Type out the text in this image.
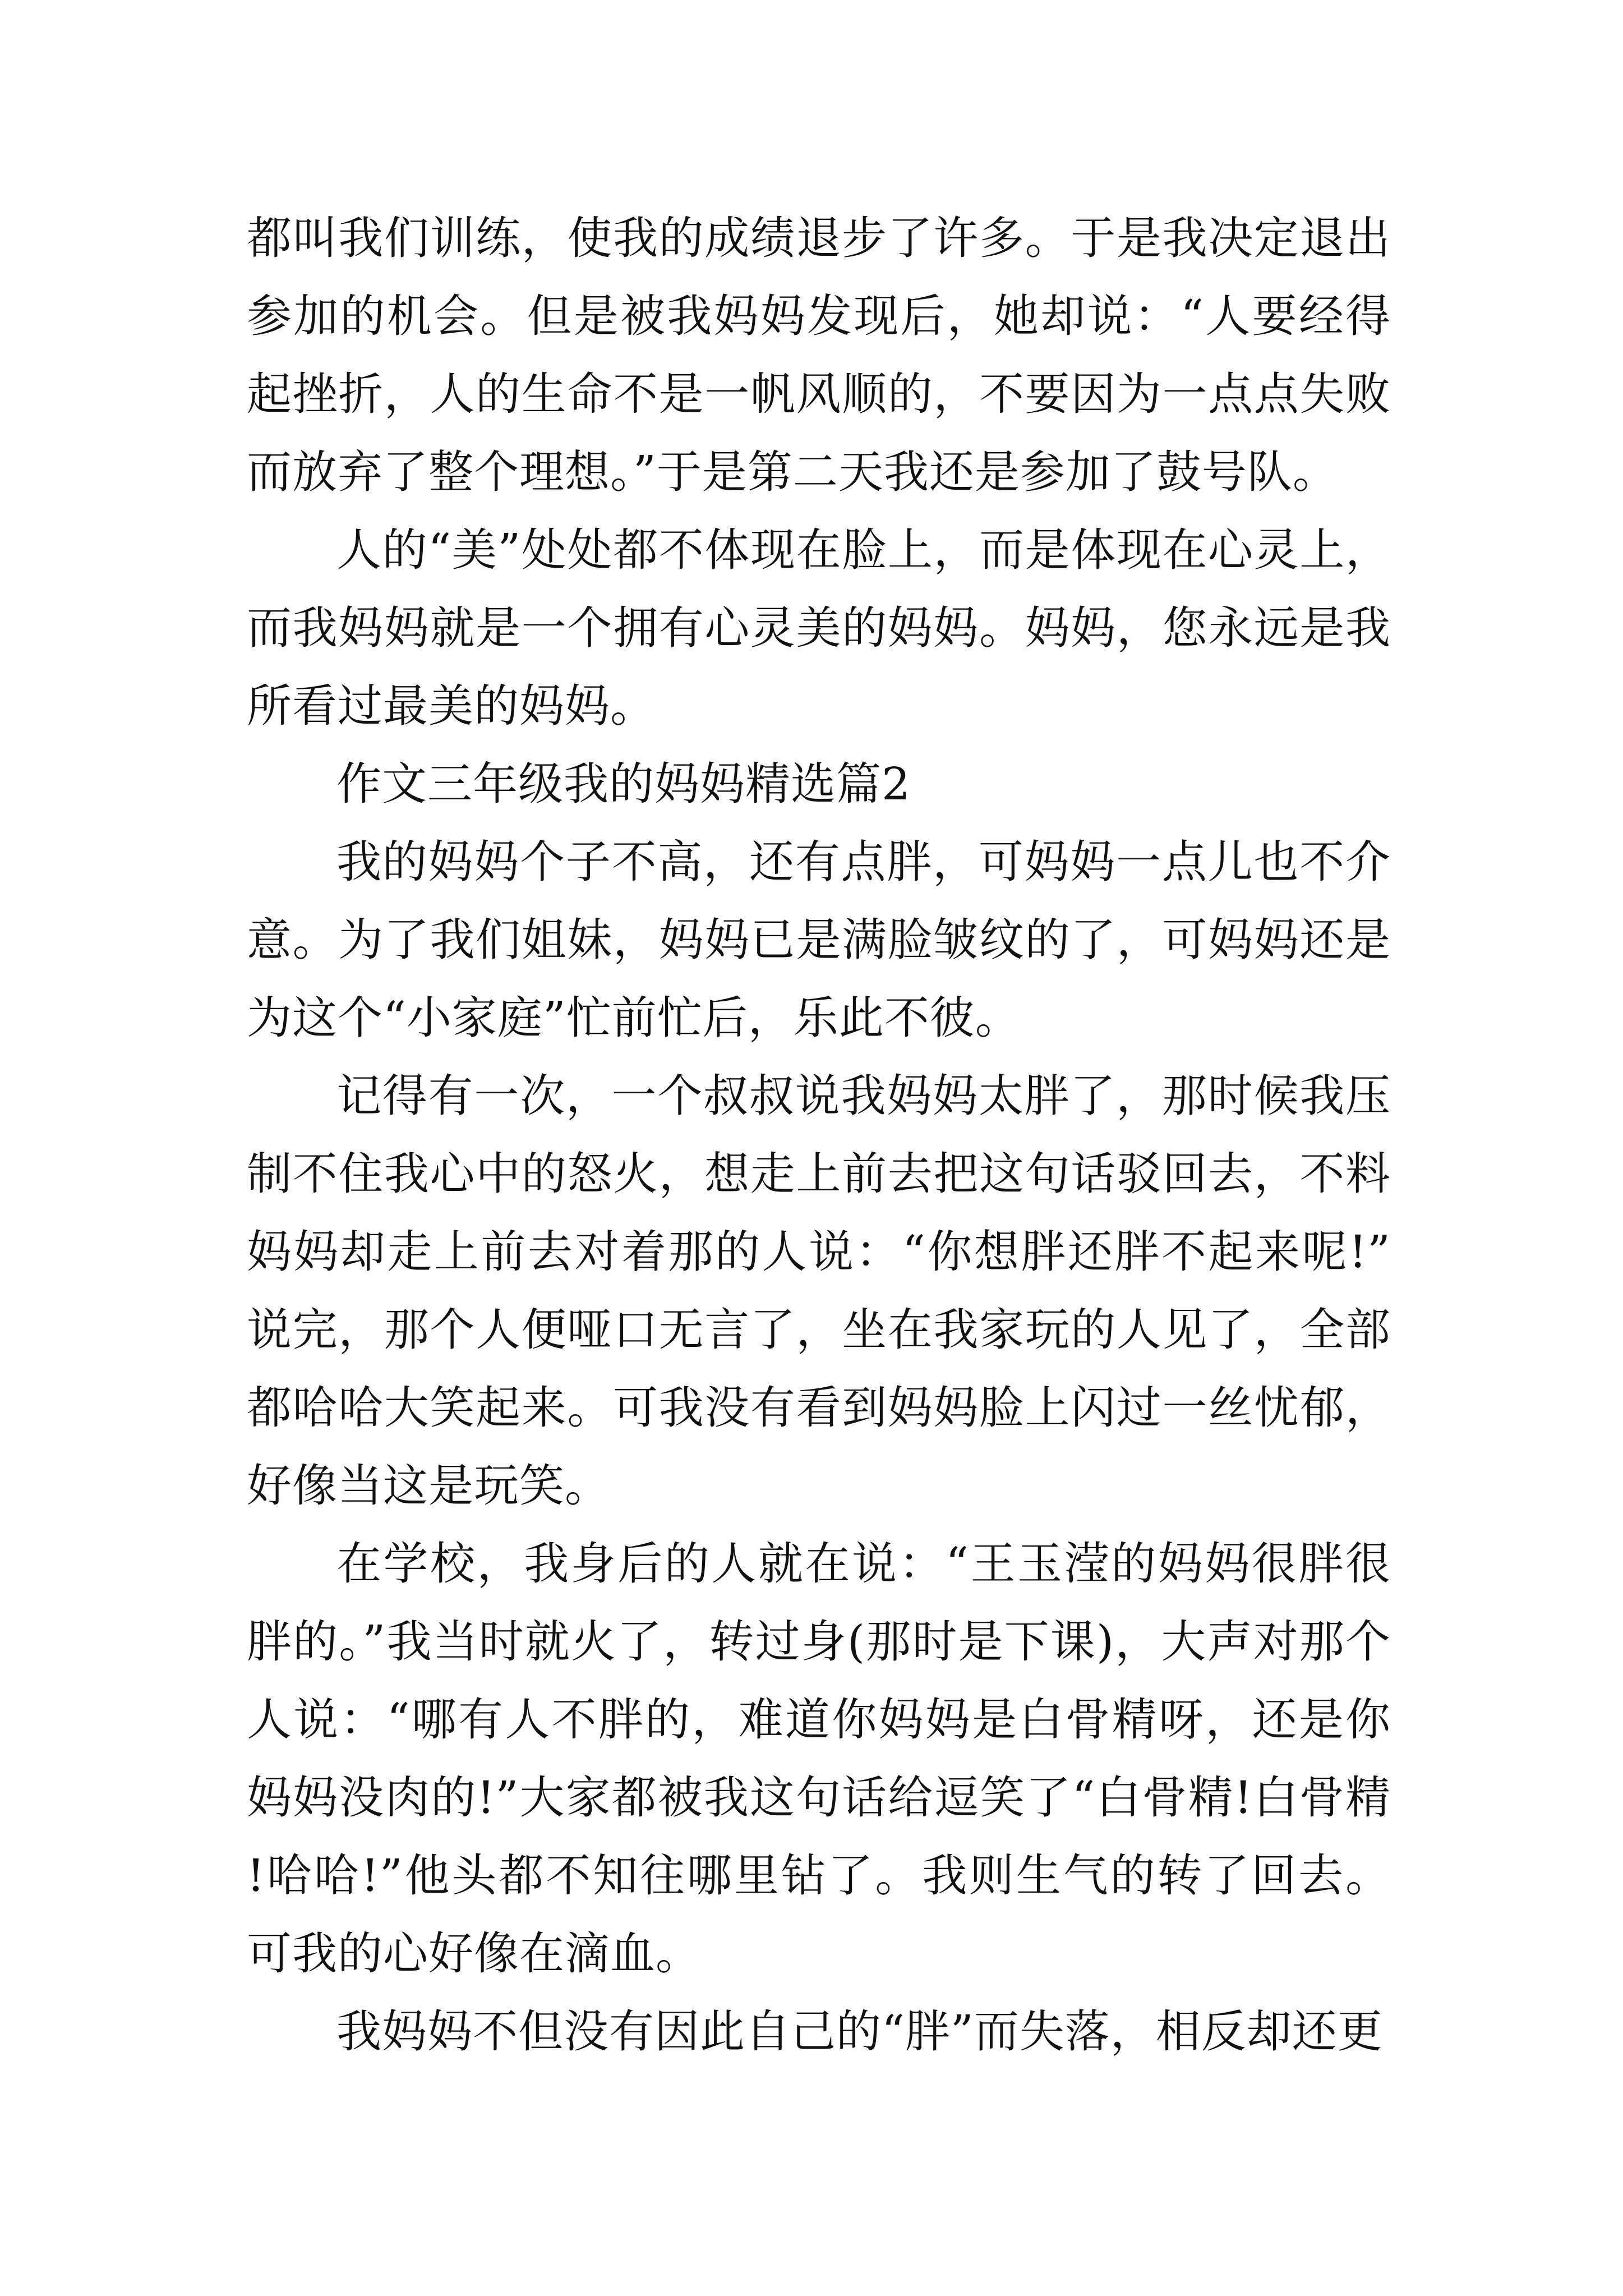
都叫我们训练，使我的成绩退步了许多。于是我决定退出参加的机会。但是被我妈妈发现后，她却说：“人要经得起挫折，人的生命不是一帆风顺的，不要因为一点点失败而放弃了整个理想。”于是第二天我还是参加了鼓号队。

人的“美”处处都不体现在脸上，而是体现在心灵上，而我妈妈就是一个拥有心灵美的妈妈。妈妈，您永远是我所看过最美的妈妈。

作文三年级我的妈妈精选篇2

我的妈妈个子不高，还有点胖，可妈妈一点儿也不介意。为了我们姐妹，妈妈已是满脸皱纹的了，可妈妈还是为这个“小家庭”忙前忙后，乐此不彼。

记得有一次，一个叔叔说我妈妈太胖了，那时候我压制不住我心中的怒火，想走上前去把这句话驳回去，不料妈妈却走上前去对着那的人说：“你想胖还胖不起来呢!”说完，那个人便哑口无言了，坐在我家玩的人见了，全部都哈哈大笑起来。可我没有看到妈妈脸上闪过一丝忧郁，好像当这是玩笑。

在学校，我身后的人就在说：“王玉滢的妈妈很胖很胖的。”我当时就火了，转过身(那时是下课)，大声对那个人说：“哪有人不胖的，难道你妈妈是白骨精呀，还是你妈妈没肉的!”大家都被我这句话给逗笑了“白骨精!白骨精!哈哈!”他头都不知往哪里钻了。我则生气的转了回去。可我的心好像在滴血。

我妈妈不但没有因此自己的“胖”而失落，相反却还更
